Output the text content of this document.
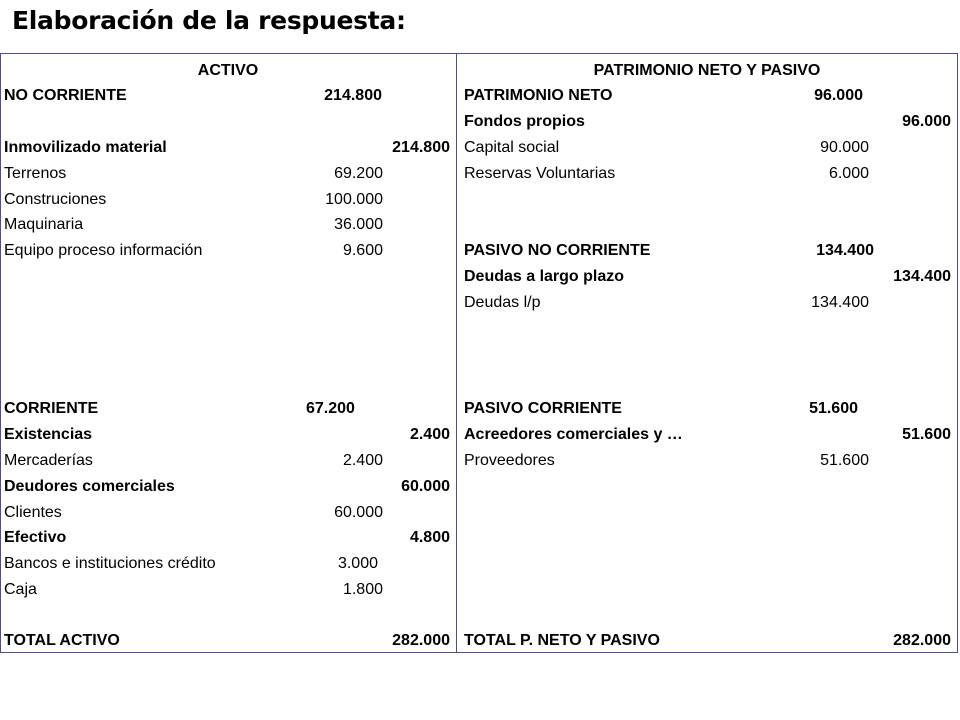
Elaboración de la respuesta:
ACTIVO
NO CORRIENTE	214.800
Inmovilizado material	214.800
Terrenos	69.200
Construciones	100.000
Maquinaria	36.000
Equipo proceso información	9.600
CORRIENTE	67.200
Existencias	2.400
Mercaderías	2.400
Deudores comerciales	60.000
Clientes	60.000
Efectivo	4.800
Bancos e instituciones crédito	3.000
Caja	1.800
TOTAL ACTIVO	282.000
PATRIMONIO NETO Y PASIVO
PATRIMONIO NETO	96.000
Fondos propios	96.000
Capital social	90.000
Reservas Voluntarias	6.000
PASIVO NO CORRIENTE	134.400
Deudas a largo plazo	134.400
Deudas l/p	134.400
PASIVO CORRIENTE	51.600
Acreedores comerciales y …	51.600
Proveedores	51.600
TOTAL P. NETO Y PASIVO	282.000
